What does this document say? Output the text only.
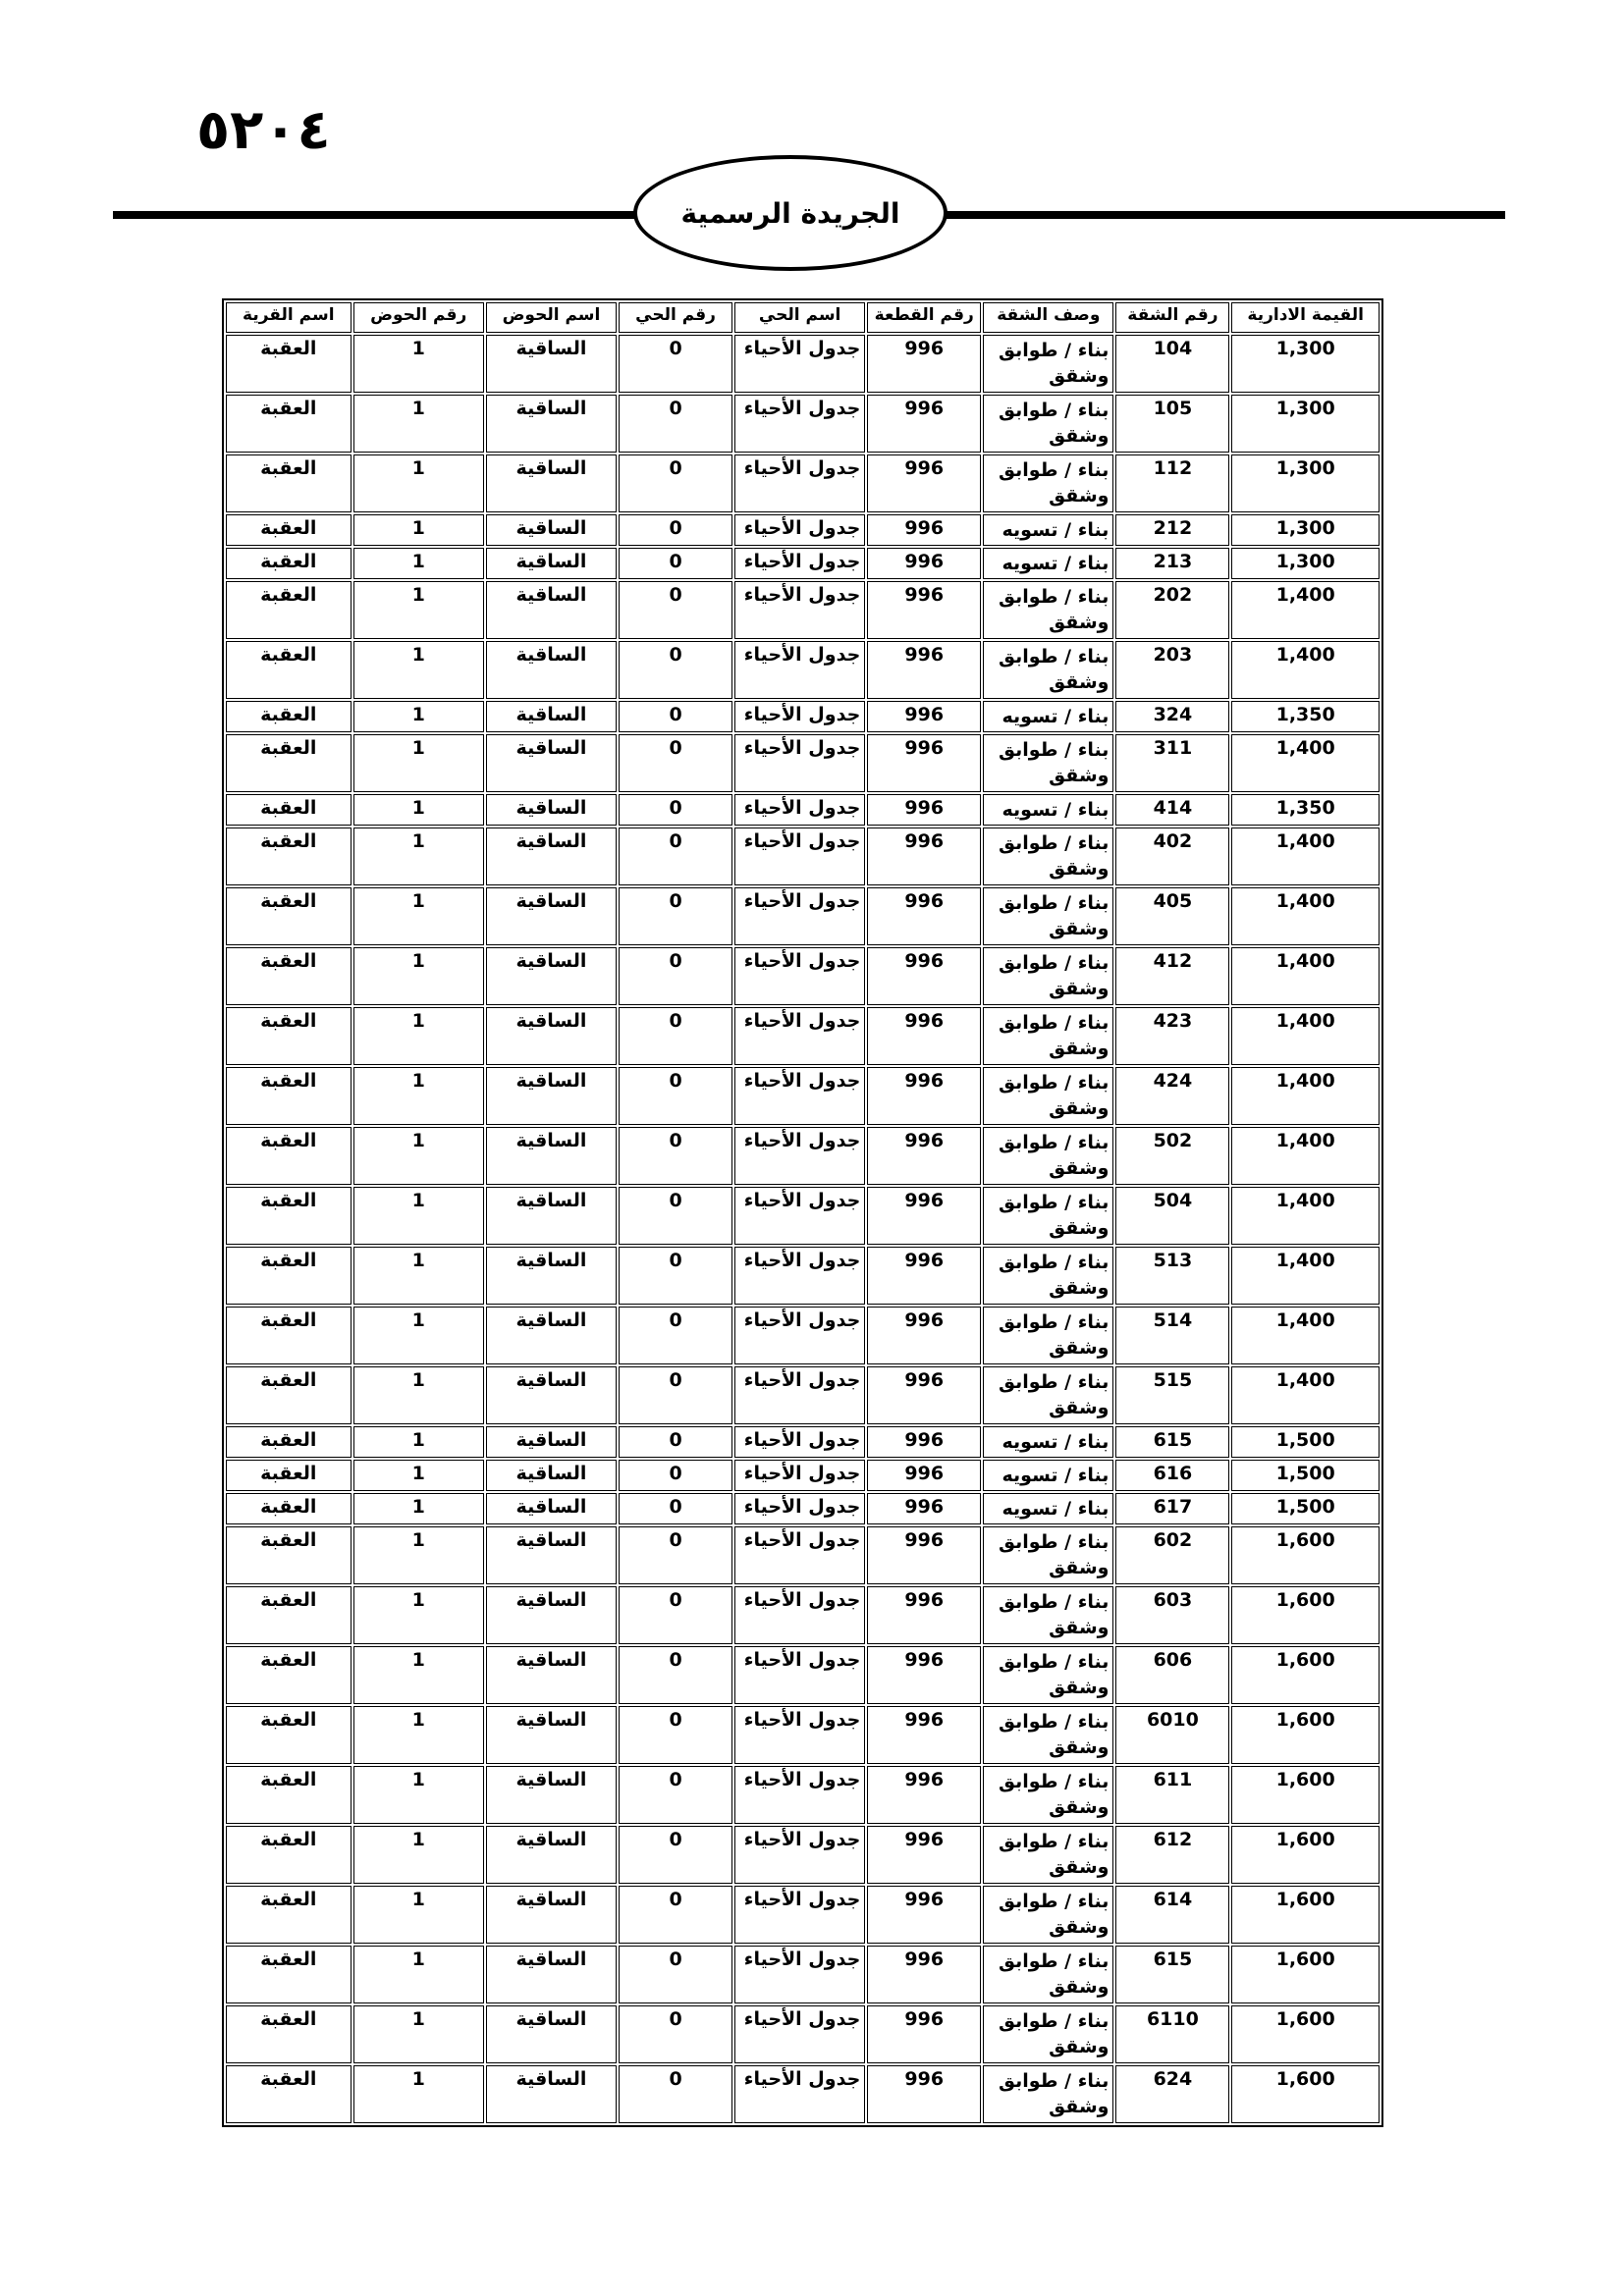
٥٢٠٤
الجريدة الرسمية
القيمة الادارية	رقم الشقة	وصف الشقة	رقم القطعة	اسم الحي	رقم الحي	اسم الحوض	رقم الحوض	اسم القرية
1,300	104	بناء / طوابق وشقق	996	جدول الأحياء	0	الساقية	1	العقبة
1,300	105	بناء / طوابق وشقق	996	جدول الأحياء	0	الساقية	1	العقبة
1,300	112	بناء / طوابق وشقق	996	جدول الأحياء	0	الساقية	1	العقبة
1,300	212	بناء / تسويه	996	جدول الأحياء	0	الساقية	1	العقبة
1,300	213	بناء / تسويه	996	جدول الأحياء	0	الساقية	1	العقبة
1,400	202	بناء / طوابق وشقق	996	جدول الأحياء	0	الساقية	1	العقبة
1,400	203	بناء / طوابق وشقق	996	جدول الأحياء	0	الساقية	1	العقبة
1,350	324	بناء / تسويه	996	جدول الأحياء	0	الساقية	1	العقبة
1,400	311	بناء / طوابق وشقق	996	جدول الأحياء	0	الساقية	1	العقبة
1,350	414	بناء / تسويه	996	جدول الأحياء	0	الساقية	1	العقبة
1,400	402	بناء / طوابق وشقق	996	جدول الأحياء	0	الساقية	1	العقبة
1,400	405	بناء / طوابق وشقق	996	جدول الأحياء	0	الساقية	1	العقبة
1,400	412	بناء / طوابق وشقق	996	جدول الأحياء	0	الساقية	1	العقبة
1,400	423	بناء / طوابق وشقق	996	جدول الأحياء	0	الساقية	1	العقبة
1,400	424	بناء / طوابق وشقق	996	جدول الأحياء	0	الساقية	1	العقبة
1,400	502	بناء / طوابق وشقق	996	جدول الأحياء	0	الساقية	1	العقبة
1,400	504	بناء / طوابق وشقق	996	جدول الأحياء	0	الساقية	1	العقبة
1,400	513	بناء / طوابق وشقق	996	جدول الأحياء	0	الساقية	1	العقبة
1,400	514	بناء / طوابق وشقق	996	جدول الأحياء	0	الساقية	1	العقبة
1,400	515	بناء / طوابق وشقق	996	جدول الأحياء	0	الساقية	1	العقبة
1,500	615	بناء / تسويه	996	جدول الأحياء	0	الساقية	1	العقبة
1,500	616	بناء / تسويه	996	جدول الأحياء	0	الساقية	1	العقبة
1,500	617	بناء / تسويه	996	جدول الأحياء	0	الساقية	1	العقبة
1,600	602	بناء / طوابق وشقق	996	جدول الأحياء	0	الساقية	1	العقبة
1,600	603	بناء / طوابق وشقق	996	جدول الأحياء	0	الساقية	1	العقبة
1,600	606	بناء / طوابق وشقق	996	جدول الأحياء	0	الساقية	1	العقبة
1,600	6010	بناء / طوابق وشقق	996	جدول الأحياء	0	الساقية	1	العقبة
1,600	611	بناء / طوابق وشقق	996	جدول الأحياء	0	الساقية	1	العقبة
1,600	612	بناء / طوابق وشقق	996	جدول الأحياء	0	الساقية	1	العقبة
1,600	614	بناء / طوابق وشقق	996	جدول الأحياء	0	الساقية	1	العقبة
1,600	615	بناء / طوابق وشقق	996	جدول الأحياء	0	الساقية	1	العقبة
1,600	6110	بناء / طوابق وشقق	996	جدول الأحياء	0	الساقية	1	العقبة
1,600	624	بناء / طوابق وشقق	996	جدول الأحياء	0	الساقية	1	العقبة
